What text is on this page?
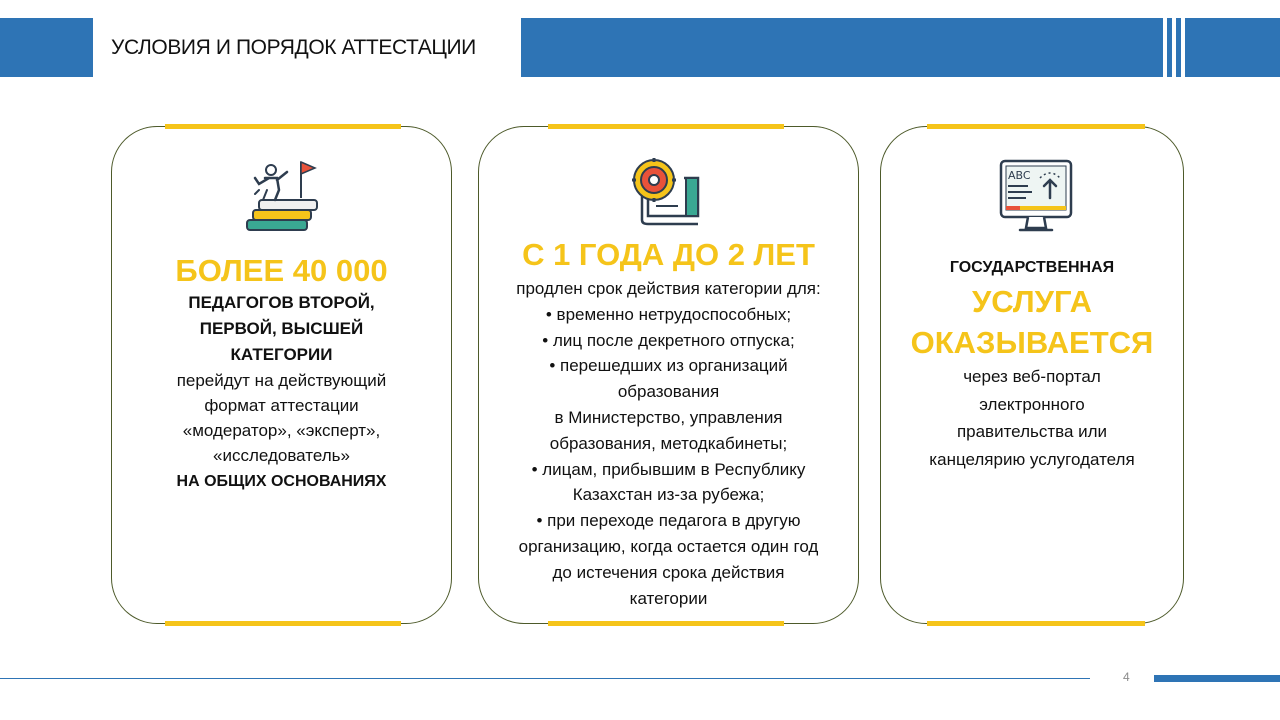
УСЛОВИЯ И ПОРЯДОК АТТЕСТАЦИИ
БОЛЕЕ 40 000
ПЕДАГОГОВ ВТОРОЙ,
ПЕРВОЙ, ВЫСШЕЙ
КАТЕГОРИИ
перейдут на действующий
формат аттестации
«модератор», «эксперт»,
«исследователь»
НА ОБЩИХ ОСНОВАНИЯХ
С 1 ГОДА ДО 2 ЛЕТ
продлен срок действия категории для:
• временно нетрудоспособных;
• лиц после декретного отпуска;
• перешедших из организаций
образования
в Министерство, управления
образования, методкабинеты;
• лицам, прибывшим в Республику
Казахстан из-за рубежа;
• при переходе педагога в другую
организацию, когда остается один год
до истечения срока действия
категории
ABC
ГОСУДАРСТВЕННАЯ
УСЛУГА
ОКАЗЫВАЕТСЯ
через веб-портал
электронного
правительства или
канцелярию услугодателя
4
